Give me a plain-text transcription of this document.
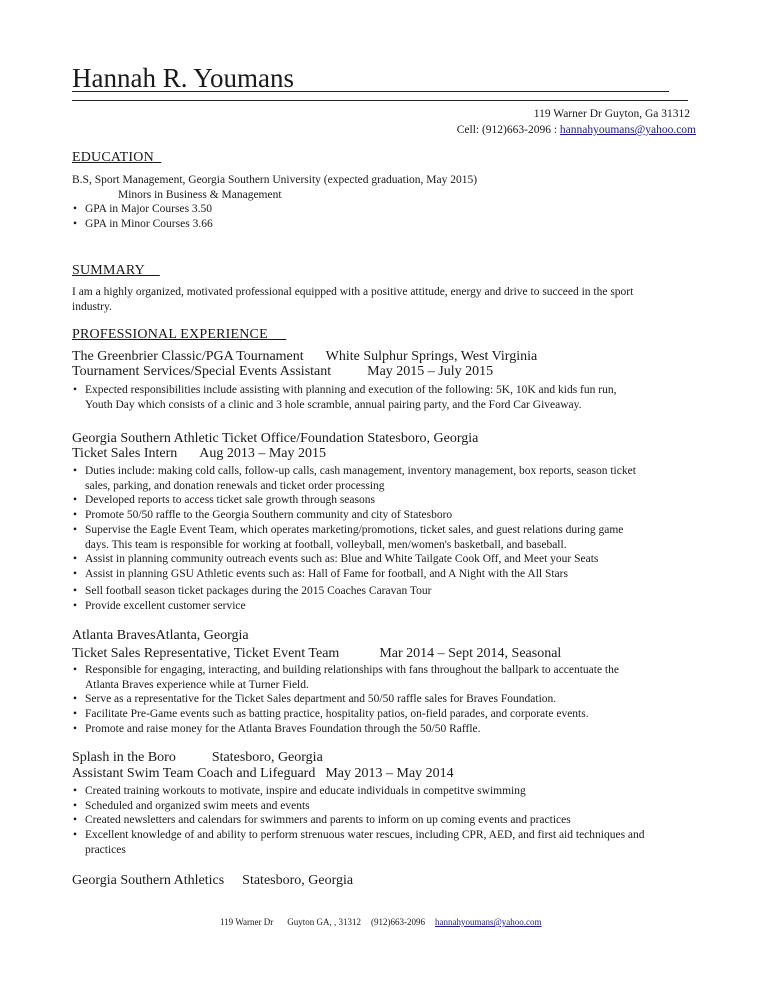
Hannah R. Youmans
119 Warner Dr Guyton, Ga 31312
Cell: (912)663-2096 : hannahyoumans@yahoo.com
EDUCATION
B.S, Sport Management, Georgia Southern University (expected graduation, May 2015)
Minors in Business & Management
• GPA in Major Courses 3.50
• GPA in Minor Courses 3.66
SUMMARY
I am a highly organized, motivated professional equipped with a positive attitude, energy and drive to succeed in the sport
industry.
PROFESSIONAL EXPERIENCE
The Greenbrier Classic/PGA Tournament White Sulphur Springs, West Virginia
Tournament Services/Special Events Assistant	May 2015 – July 2015
• Expected responsibilities include assisting with planning and execution of the following: 5K, 10K and kids fun run,
Youth Day which consists of a clinic and 3 hole scramble, annual pairing party, and the Ford Car Giveaway.
Georgia Southern Athletic Ticket Office/Foundation Statesboro, Georgia
Ticket Sales Intern Aug 2013 – May 2015
• Duties include: making cold calls, follow-up calls, cash management, inventory management, box reports, season ticket
sales, parking, and donation renewals and ticket order processing
• Developed reports to access ticket sale growth through seasons
• Promote 50/50 raffle to the Georgia Southern community and city of Statesboro
• Supervise the Eagle Event Team, which operates marketing/promotions, ticket sales, and guest relations during game
days. This team is responsible for working at football, volleyball, men/women's basketball, and baseball.
• Assist in planning community outreach events such as: Blue and White Tailgate Cook Off, and Meet your Seats
• Assist in planning GSU Athletic events such as: Hall of Fame for football, and A Night with the All Stars
• Sell football season ticket packages during the 2015 Coaches Caravan Tour
• Provide excellent customer service
Atlanta BravesAtlanta, Georgia
Ticket Sales Representative, Ticket Event Team	Mar 2014 – Sept 2014, Seasonal
• Responsible for engaging, interacting, and building relationships with fans throughout the ballpark to accentuate the
Atlanta Braves experience while at Turner Field.
• Serve as a representative for the Ticket Sales department and 50/50 raffle sales for Braves Foundation.
• Facilitate Pre-Game events such as batting practice, hospitality patios, on-field parades, and corporate events.
• Promote and raise money for the Atlanta Braves Foundation through the 50/50 Raffle.
Splash in the Boro	Statesboro, Georgia
Assistant Swim Team Coach and Lifeguard May 2013 – May 2014
• Created training workouts to motivate, inspire and educate individuals in competitve swimming
• Scheduled and organized swim meets and events
• Created newsletters and calendars for swimmers and parents to inform on up coming events and practices
• Excellent knowledge of and ability to perform strenuous water rescues, including CPR, AED, and first aid techniques and
practices
Georgia Southern Athletics Statesboro, Georgia
119 Warner Dr Guyton GA, , 31312 (912)663-2096 hannahyoumans@yahoo.com
